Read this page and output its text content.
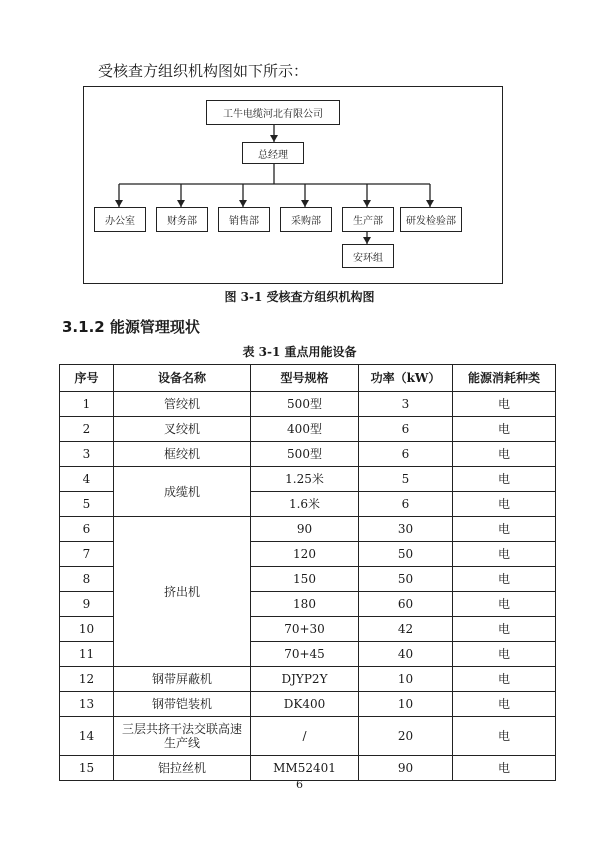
受核查方组织机构图如下所示：
工牛电缆河北有限公司
总经理
办公室	财务部	销售部	采购部	生产部	研发检验部
安环组
图 3-1 受核查方组织机构图
3.1.2 能源管理现状
表 3-1 重点用能设备
序号	设备名称	型号规格	功率（kW）	能源消耗种类
1	管绞机	500型	3	电
2	叉绞机	400型	6	电
3	框绞机	500型	6	电
4	成缆机	1.25米	5	电
5		1.6米	6	电
6	挤出机	90	30	电
7		120	50	电
8		150	50	电
9		180	60	电
10		70+30	42	电
11		70+45	40	电
12	钢带屏蔽机	DJYP2Y	10	电
13	钢带铠装机	DK400	10	电
14	三层共挤干法交联高速生产线	/	20	电
15	铝拉丝机	MM52401	90	电
6
